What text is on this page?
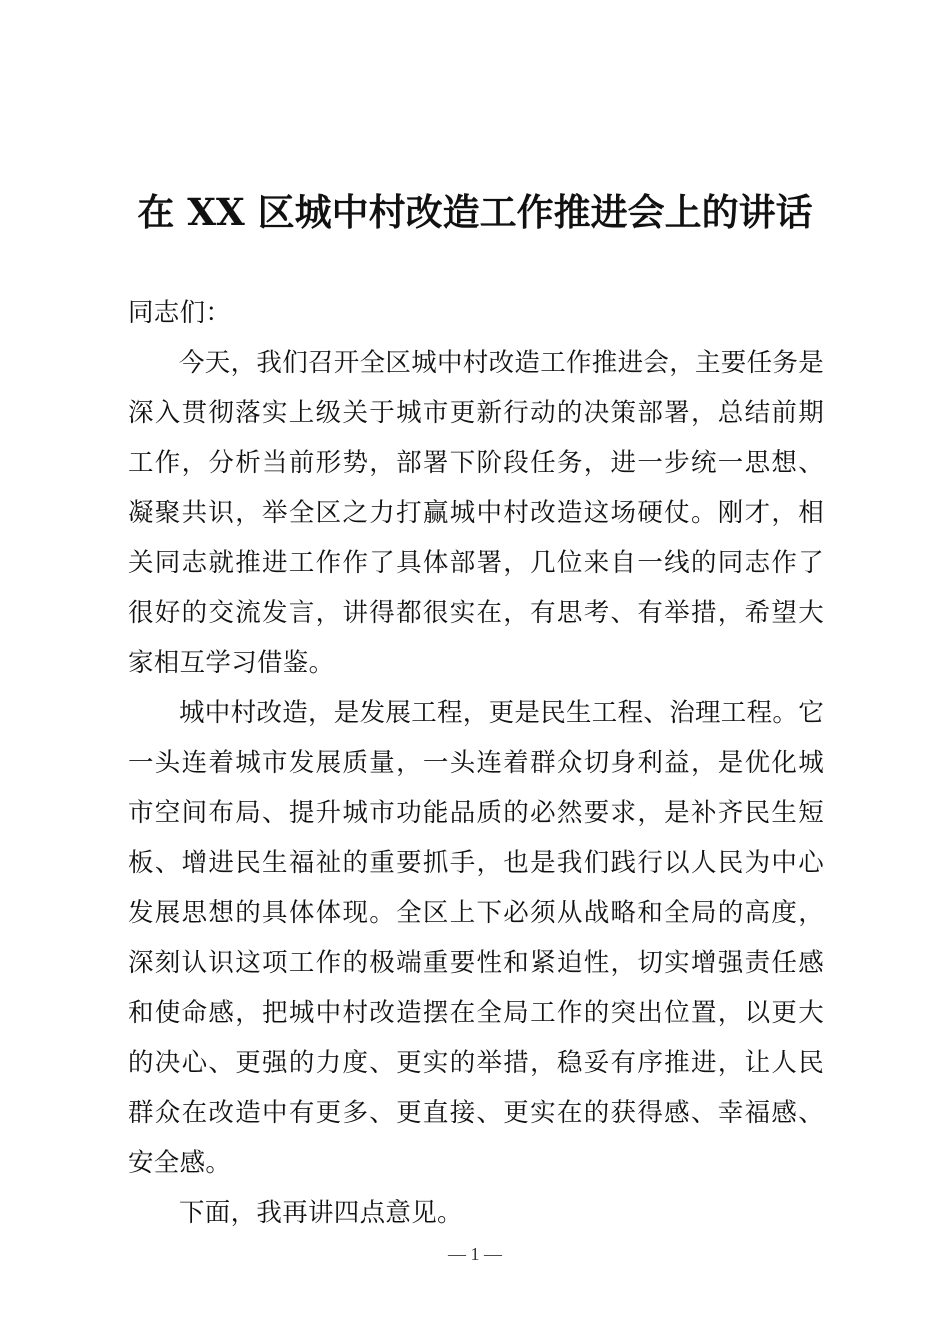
在 XX 区城中村改造工作推进会上的讲话

同志们：

今天，我们召开全区城中村改造工作推进会，主要任务是深入贯彻落实上级关于城市更新行动的决策部署，总结前期工作，分析当前形势，部署下阶段任务，进一步统一思想、凝聚共识，举全区之力打赢城中村改造这场硬仗。刚才，相关同志就推进工作作了具体部署，几位来自一线的同志作了很好的交流发言，讲得都很实在，有思考、有举措，希望大家相互学习借鉴。

城中村改造，是发展工程，更是民生工程、治理工程。它一头连着城市发展质量，一头连着群众切身利益，是优化城市空间布局、提升城市功能品质的必然要求，是补齐民生短板、增进民生福祉的重要抓手，也是我们践行以人民为中心发展思想的具体体现。全区上下必须从战略和全局的高度，深刻认识这项工作的极端重要性和紧迫性，切实增强责任感和使命感，把城中村改造摆在全局工作的突出位置，以更大的决心、更强的力度、更实的举措，稳妥有序推进，让人民群众在改造中有更多、更直接、更实在的获得感、幸福感、安全感。

下面，我再讲四点意见。

— 1 —
